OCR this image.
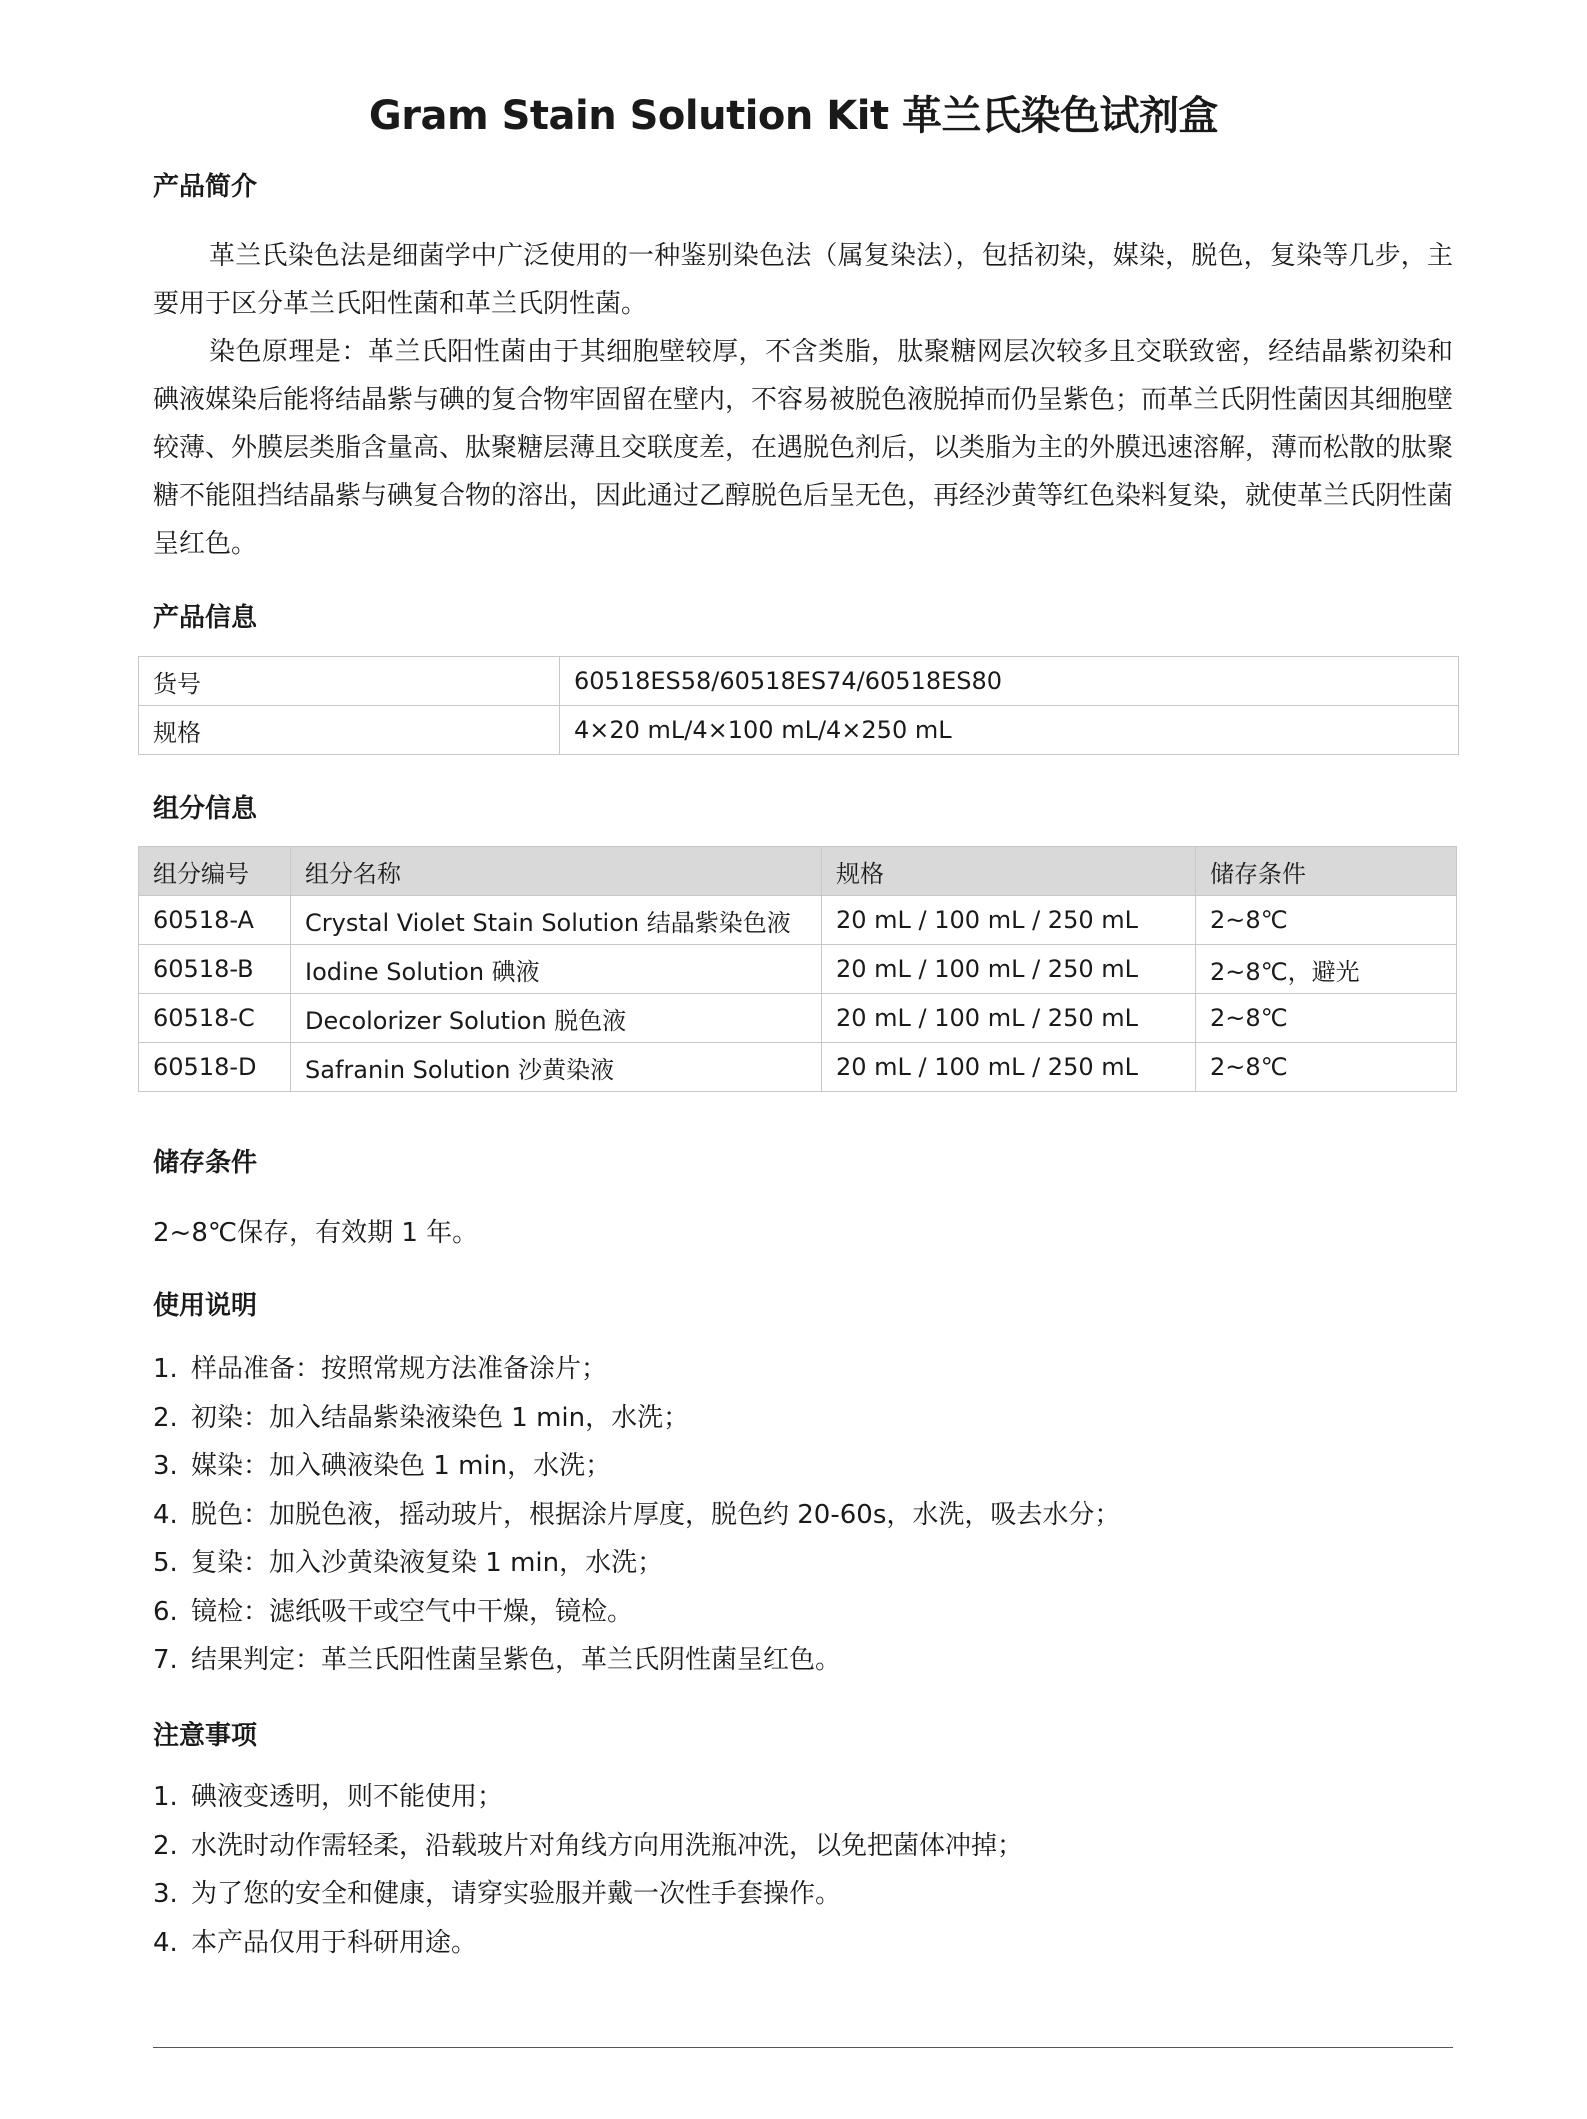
Gram Stain Solution Kit 革兰氏染色试剂盒
产品简介

革兰氏染色法是细菌学中广泛使用的一种鉴别染色法（属复染法），包括初染，媒染，脱色，复染等几步，主要用于区分革兰氏阳性菌和革兰氏阴性菌。

染色原理是：革兰氏阳性菌由于其细胞壁较厚，不含类脂，肽聚糖网层次较多且交联致密，经结晶紫初染和碘液媒染后能将结晶紫与碘的复合物牢固留在壁内，不容易被脱色液脱掉而仍呈紫色；而革兰氏阴性菌因其细胞壁较薄、外膜层类脂含量高、肽聚糖层薄且交联度差，在遇脱色剂后，以类脂为主的外膜迅速溶解，薄而松散的肽聚糖不能阻挡结晶紫与碘复合物的溶出，因此通过乙醇脱色后呈无色，再经沙黄等红色染料复染，就使革兰氏阴性菌呈红色。

产品信息
货号	60518ES58/60518ES74/60518ES80
规格	4×20 mL/4×100 mL/4×250 mL
组分信息
组分编号	组分名称	规格	储存条件
60518-A	Crystal Violet Stain Solution 结晶紫染色液	20 mL / 100 mL / 250 mL	2~8℃
60518-B	Iodine Solution 碘液	20 mL / 100 mL / 250 mL	2~8℃，避光
60518-C	Decolorizer Solution 脱色液	20 mL / 100 mL / 250 mL	2~8℃
60518-D	Safranin Solution 沙黄染液	20 mL / 100 mL / 250 mL	2~8℃
储存条件
2~8℃保存，有效期 1 年。
使用说明
1. 样品准备：按照常规方法准备涂片；
2. 初染：加入结晶紫染液染色 1 min，水洗；
3. 媒染：加入碘液染色 1 min，水洗；
4. 脱色：加脱色液，摇动玻片，根据涂片厚度，脱色约 20-60s，水洗，吸去水分；
5. 复染：加入沙黄染液复染 1 min，水洗；
6. 镜检：滤纸吸干或空气中干燥，镜检。
7. 结果判定：革兰氏阳性菌呈紫色，革兰氏阴性菌呈红色。
注意事项
1. 碘液变透明，则不能使用；
2. 水洗时动作需轻柔，沿载玻片对角线方向用洗瓶冲洗，以免把菌体冲掉；
3. 为了您的安全和健康，请穿实验服并戴一次性手套操作。
4. 本产品仅用于科研用途。
